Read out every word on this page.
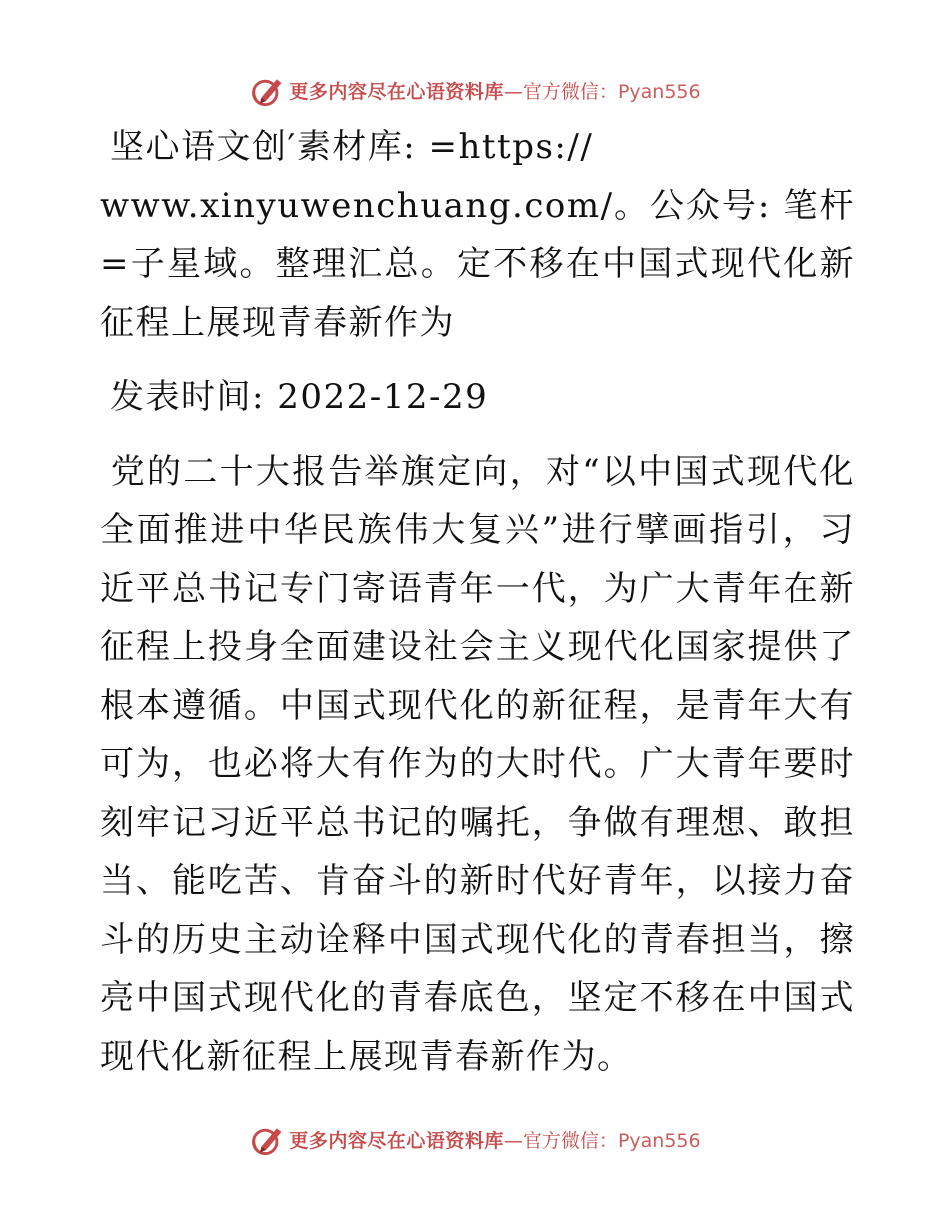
更多内容尽在心语资料库 — 官方微信： Pyan556

坚心语文创′素材库: =https://

www.xinyuwenchuang.com/。公众号: 笔杆=子星域。整理汇总。定不移在中国式现代化新征程上展现青春新作为

发表时间: 2022-12-29

党的二十大报告举旗定向，对“以中国式现代化全面推进中华民族伟大复兴”进行擘画指引，习近平总书记专门寄语青年一代，为广大青年在新征程上投身全面建设社会主义现代化国家提供了根本遵循。中国式现代化的新征程，是青年大有可为，也必将大有作为的大时代。广大青年要时刻牢记习近平总书记的嘱托，争做有理想、敢担当、能吃苦、肯奋斗的新时代好青年，以接力奋斗的历史主动诠释中国式现代化的青春担当，擦亮中国式现代化的青春底色，坚定不移在中国式现代化新征程上展现青春新作为。

更多内容尽在心语资料库 — 官方微信： Pyan556
